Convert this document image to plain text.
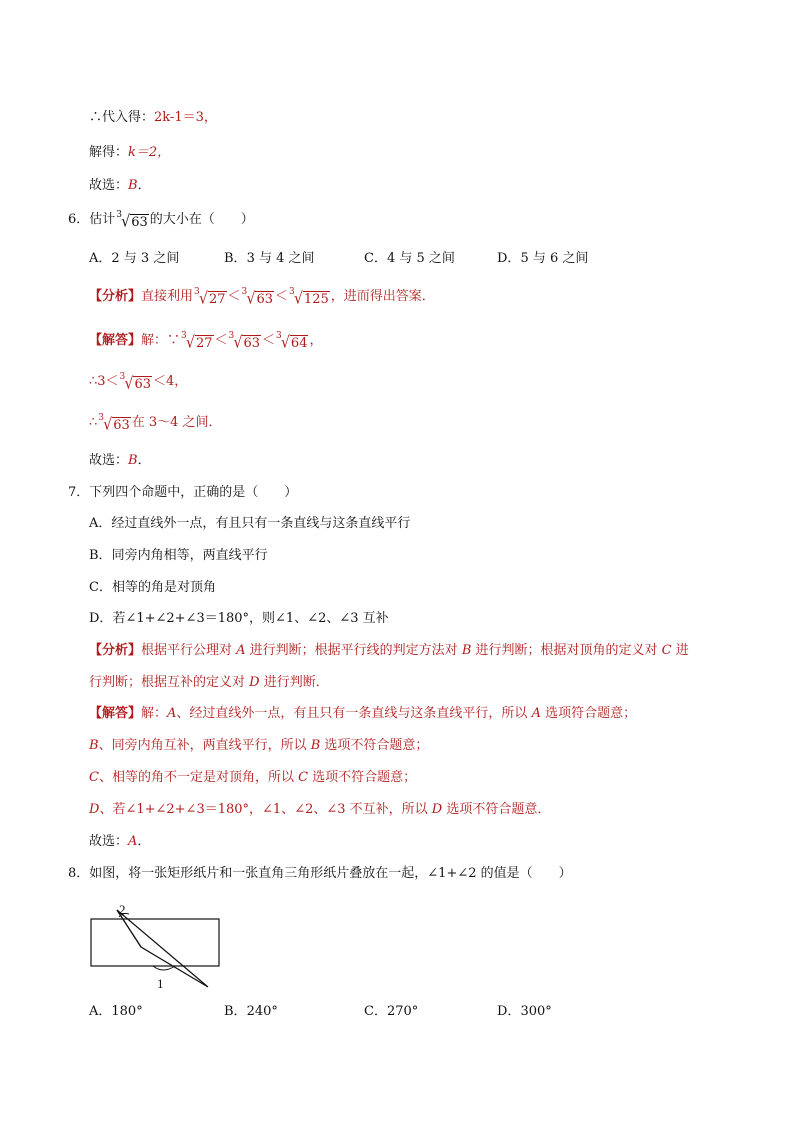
∴代入得：2k-1＝3，
解得：k＝2，
故选：B．
6．估计 3 √63 的大小在（　　）
A．2 与 3 之间	B．3 与 4 之间	C．4 与 5 之间	D．5 与 6 之间
【分析】直接利用 3 √27 ＜ 3 √63 ＜ 3 √125 ，进而得出答案．
【解答】解：∵ 3 √27 ＜ 3 √63 ＜ 3 √64 ，
∴3＜ 3 √63 ＜4，
∴ 3 √63 在 3～4 之间．
故选：B．
7．下列四个命题中，正确的是（　　）
A．经过直线外一点，有且只有一条直线与这条直线平行
B．同旁内角相等，两直线平行
C．相等的角是对顶角
D．若∠1+∠2+∠3＝180°，则∠1、∠2、∠3 互补
【分析】根据平行公理对 A 进行判断；根据平行线的判定方法对 B 进行判断；根据对顶角的定义对 C 进
行判断；根据互补的定义对 D 进行判断．
【解答】解：A、经过直线外一点，有且只有一条直线与这条直线平行，所以 A 选项符合题意；
B、同旁内角互补，两直线平行，所以 B 选项不符合题意；
C、相等的角不一定是对顶角，所以 C 选项不符合题意；
D、若∠1+∠2+∠3＝180°，∠1、∠2、∠3 不互补，所以 D 选项不符合题意．
故选：A．
8．如图，将一张矩形纸片和一张直角三角形纸片叠放在一起，∠1+∠2 的值是（　　）
1
2
A．180°	B．240°	C．270°	D．300°
